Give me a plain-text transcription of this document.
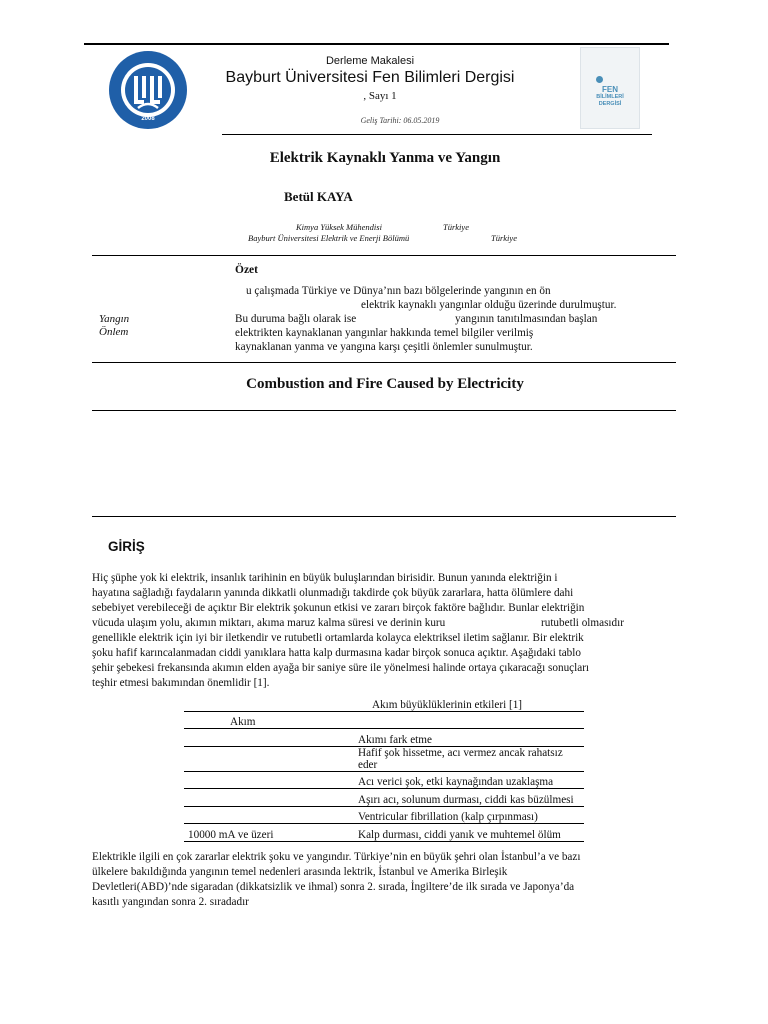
2008
Derleme Makalesi
Bayburt Üniversitesi Fen Bilimleri Dergisi
, Sayı 1
Geliş Tarihi: 06.05.2019
FEN
BİLİMLERİ
DERGİSİ
Elektrik Kaynaklı Yanma ve Yangın
Betül KAYA
Kimya Yüksek Mühendisi	Türkiye
Bayburt Üniversitesi Elektrik ve Enerji Bölümü	Türkiye
Özet
u çalışmada Türkiye ve Dünya’nın bazı bölgelerinde yangının en ön
elektrik kaynaklı yangınlar olduğu üzerinde durulmuştur.
Bu duruma bağlı olarak ise	yangının tanıtılmasından başlan
elektrikten kaynaklanan yangınlar hakkında temel bilgiler verilmiş
kaynaklanan yanma ve yangına karşı çeşitli önlemler sunulmuştur.
Yangın
Önlem
Combustion and Fire Caused by Electricity
GİRİŞ
Hiç şüphe yok ki elektrik, insanlık tarihinin en büyük buluşlarından birisidir. Bunun yanında elektriğin i
hayatına sağladığı faydaların yanında dikkatli olunmadığı takdirde çok büyük zararlara, hatta ölümlere dahi
sebebiyet verebileceği de açıktır Bir elektrik şokunun etkisi ve zararı birçok faktöre bağlıdır. Bunlar elektriğin
vücuda ulaşım yolu, akımın miktarı, akıma maruz kalma süresi ve derinin kuru	rutubetli olmasıdır
genellikle elektrik için iyi bir iletkendir ve rutubetli ortamlarda kolayca elektriksel iletim sağlanır. Bir elektrik
şoku hafif karıncalanmadan ciddi yanıklara hatta kalp durmasına kadar birçok sonuca açıktır. Aşağıdaki tablo
şehir şebekesi frekansında akımın elden ayağa bir saniye süre ile yönelmesi halinde ortaya çıkaracağı sonuçları
teşhir etmesi bakımından önemlidir [1].
Akım büyüklüklerinin etkileri [1]	
Akım	
	Akımı fark etme
	Hafif şok hissetme, acı vermez ancak rahatsız eder
	Acı verici şok, etki kaynağından uzaklaşma
	Aşırı acı, solunum durması, ciddi kas büzülmesi
	Ventricular fibrillation (kalp çırpınması)
10000 mA ve üzeri	Kalp durması, ciddi yanık ve muhtemel ölüm
Elektrikle ilgili en çok zararlar elektrik şoku ve yangındır. Türkiye’nin en büyük şehri olan İstanbul’a ve bazı
ülkelere bakıldığında yangının temel nedenleri arasında lektrik, İstanbul ve Amerika Birleşik
Devletleri(ABD)’nde sigaradan (dikkatsizlik ve ihmal) sonra 2. sırada, İngiltere’de ilk sırada ve Japonya’da
kasıtlı yangından sonra 2. sıradadır
